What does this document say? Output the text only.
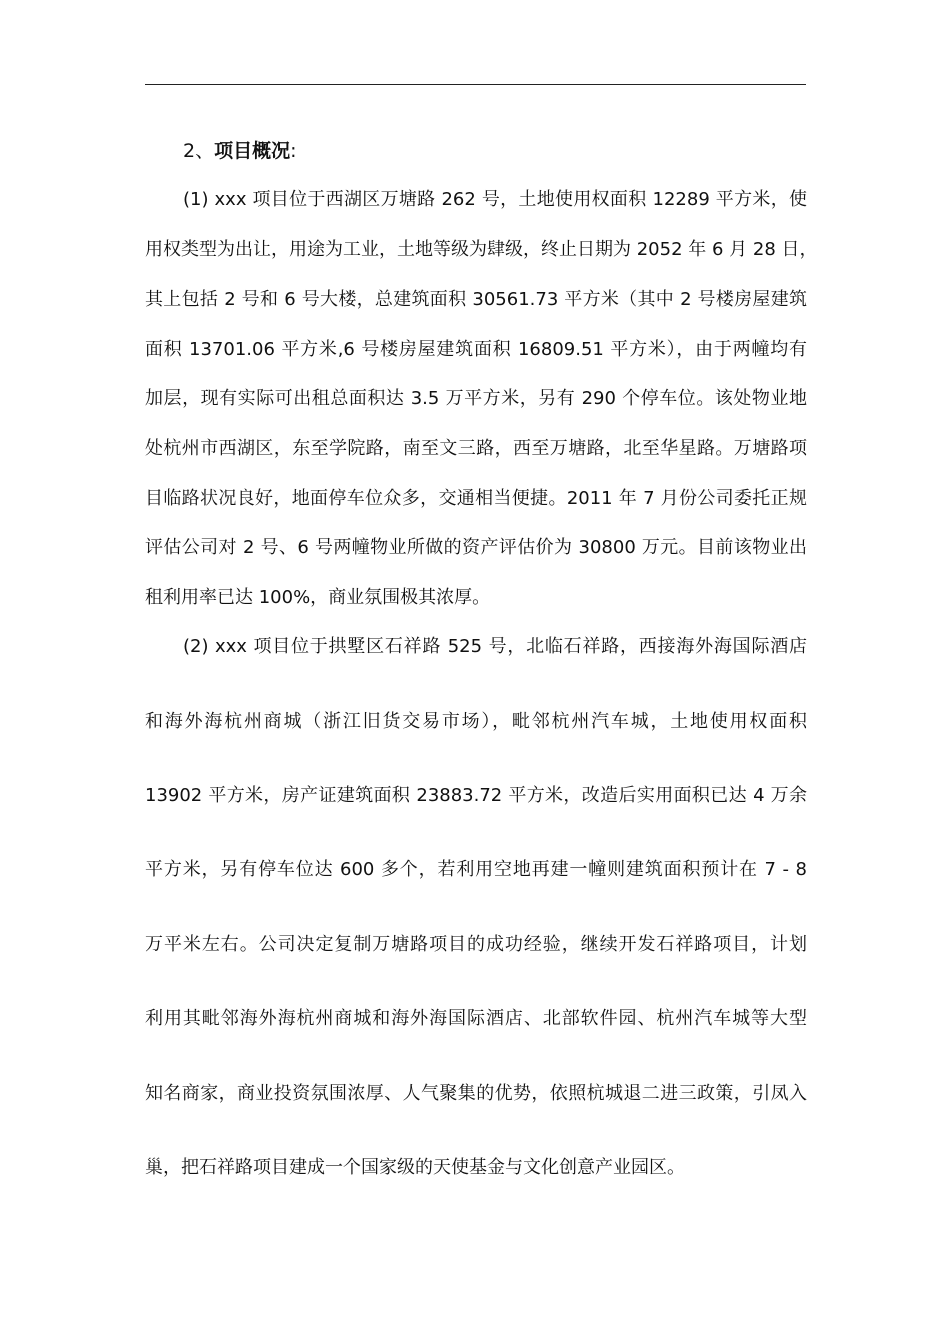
2、项目概况:
(1) xxx 项目位于西湖区万塘路 262 号，土地使用权面积 12289 平方米，使
用权类型为出让，用途为工业，土地等级为肆级，终止日期为 2052 年 6 月 28 日，
其上包括 2 号和 6 号大楼，总建筑面积 30561.73 平方米（其中 2 号楼房屋建筑
面积 13701.06 平方米,6 号楼房屋建筑面积 16809.51 平方米），由于两幢均有
加层，现有实际可出租总面积达 3.5 万平方米，另有 290 个停车位。该处物业地
处杭州市西湖区，东至学院路，南至文三路，西至万塘路，北至华星路。万塘路项
目临路状况良好，地面停车位众多，交通相当便捷。2011 年 7 月份公司委托正规
评估公司对 2 号、6 号两幢物业所做的资产评估价为 30800 万元。目前该物业出
租利用率已达 100%，商业氛围极其浓厚。
(2) xxx 项目位于拱墅区石祥路 525 号，北临石祥路，西接海外海国际酒店
和海外海杭州商城（浙江旧货交易市场），毗邻杭州汽车城，土地使用权面积
13902 平方米，房产证建筑面积 23883.72 平方米，改造后实用面积已达 4 万余
平方米，另有停车位达 600 多个，若利用空地再建一幢则建筑面积预计在 7 - 8
万平米左右。公司决定复制万塘路项目的成功经验，继续开发石祥路项目，计划
利用其毗邻海外海杭州商城和海外海国际酒店、北部软件园、杭州汽车城等大型
知名商家，商业投资氛围浓厚、人气聚集的优势，依照杭城退二进三政策，引凤入
巢，把石祥路项目建成一个国家级的天使基金与文化创意产业园区。
